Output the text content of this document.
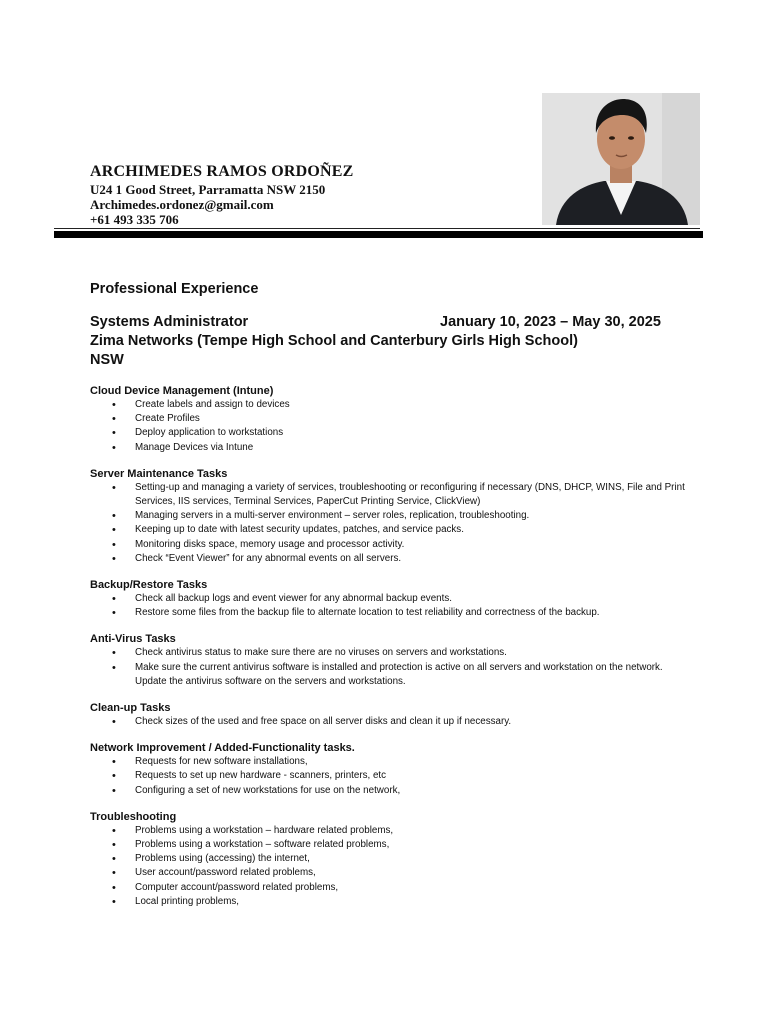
ARCHIMEDES RAMOS ORDOÑEZ
U24 1 Good Street, Parramatta NSW 2150
Archimedes.ordonez@gmail.com
+61 493 335 706
Professional Experience
Systems Administrator	January 10, 2023 – May 30, 2025
Zima Networks (Tempe High School and Canterbury Girls High School)
NSW
Cloud Device Management (Intune)
• Create labels and assign to devices
• Create Profiles
• Deploy application to workstations
• Manage Devices via Intune
Server Maintenance Tasks
• Setting-up and managing a variety of services, troubleshooting or reconfiguring if necessary (DNS, DHCP, WINS, File and Print Services, IIS services, Terminal Services, PaperCut Printing Service, ClickView)
• Managing servers in a multi-server environment – server roles, replication, troubleshooting.
• Keeping up to date with latest security updates, patches, and service packs.
• Monitoring disks space, memory usage and processor activity.
• Check “Event Viewer” for any abnormal events on all servers.
Backup/Restore Tasks
• Check all backup logs and event viewer for any abnormal backup events.
• Restore some files from the backup file to alternate location to test reliability and correctness of the backup.
Anti-Virus Tasks
• Check antivirus status to make sure there are no viruses on servers and workstations.
• Make sure the current antivirus software is installed and protection is active on all servers and workstation on the network. Update the antivirus software on the servers and workstations.
Clean-up Tasks
• Check sizes of the used and free space on all server disks and clean it up if necessary.
Network Improvement / Added-Functionality tasks.
• Requests for new software installations,
• Requests to set up new hardware - scanners, printers, etc
• Configuring a set of new workstations for use on the network,
Troubleshooting
• Problems using a workstation – hardware related problems,
• Problems using a workstation – software related problems,
• Problems using (accessing) the internet,
• User account/password related problems,
• Computer account/password related problems,
• Local printing problems,
